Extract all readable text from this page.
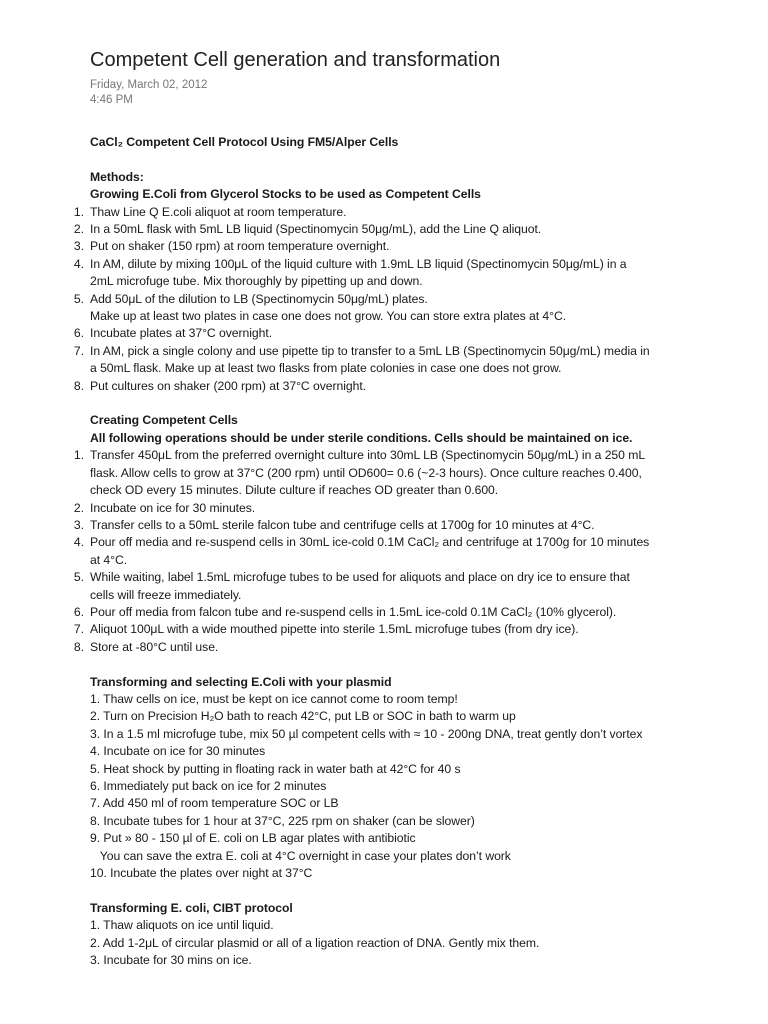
Competent Cell generation and transformation
Friday, March 02, 2012
4:46 PM
CaCl₂ Competent Cell Protocol Using FM5/Alper Cells
Methods:
Growing E.Coli from Glycerol Stocks to be used as Competent Cells
1. Thaw Line Q E.coli aliquot at room temperature.
2. In a 50mL flask with 5mL LB liquid (Spectinomycin 50μg/mL), add the Line Q aliquot.
3. Put on shaker (150 rpm) at room temperature overnight.
4. In AM, dilute by mixing 100μL of the liquid culture with 1.9mL LB liquid (Spectinomycin 50μg/mL) in a
2mL microfuge tube. Mix thoroughly by pipetting up and down.
5. Add 50μL of the dilution to LB (Spectinomycin 50μg/mL) plates.
Make up at least two plates in case one does not grow. You can store extra plates at 4°C.
6. Incubate plates at 37°C overnight.
7. In AM, pick a single colony and use pipette tip to transfer to a 5mL LB (Spectinomycin 50μg/mL) media in
a 50mL flask. Make up at least two flasks from plate colonies in case one does not grow.
8. Put cultures on shaker (200 rpm) at 37°C overnight.
Creating Competent Cells
All following operations should be under sterile conditions. Cells should be maintained on ice.
1. Transfer 450μL from the preferred overnight culture into 30mL LB (Spectinomycin 50μg/mL) in a 250 mL
flask. Allow cells to grow at 37°C (200 rpm) until OD600= 0.6 (~2-3 hours). Once culture reaches 0.400,
check OD every 15 minutes. Dilute culture if reaches OD greater than 0.600.
2. Incubate on ice for 30 minutes.
3. Transfer cells to a 50mL sterile falcon tube and centrifuge cells at 1700g for 10 minutes at 4°C.
4. Pour off media and re-suspend cells in 30mL ice-cold 0.1M CaCl₂ and centrifuge at 1700g for 10 minutes
at 4°C.
5. While waiting, label 1.5mL microfuge tubes to be used for aliquots and place on dry ice to ensure that
cells will freeze immediately.
6. Pour off media from falcon tube and re-suspend cells in 1.5mL ice-cold 0.1M CaCl₂ (10% glycerol).
7. Aliquot 100μL with a wide mouthed pipette into sterile 1.5mL microfuge tubes (from dry ice).
8. Store at -80°C until use.
Transforming and selecting E.Coli with your plasmid
1. Thaw cells on ice, must be kept on ice cannot come to room temp!
2. Turn on Precision H₂O bath to reach 42°C, put LB or SOC in bath to warm up
3. In a 1.5 ml microfuge tube, mix 50 µl competent cells with ≈ 10 - 200ng DNA, treat gently don’t vortex
4. Incubate on ice for 30 minutes
5. Heat shock by putting in floating rack in water bath at 42°C for 40 s
6. Immediately put back on ice for 2 minutes
7. Add 450 ml of room temperature SOC or LB
8. Incubate tubes for 1 hour at 37°C, 225 rpm on shaker (can be slower)
9. Put » 80 - 150 µl of E. coli on LB agar plates with antibiotic
You can save the extra E. coli at 4°C overnight in case your plates don’t work
10. Incubate the plates over night at 37°C
Transforming E. coli, CIBT protocol
1. Thaw aliquots on ice until liquid.
2. Add 1-2μL of circular plasmid or all of a ligation reaction of DNA. Gently mix them.
3. Incubate for 30 mins on ice.
